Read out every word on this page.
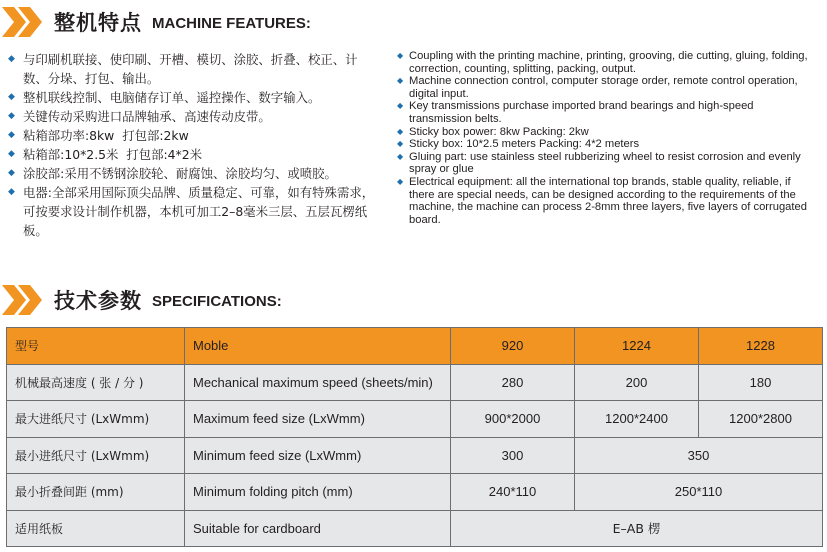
整机特点 MACHINE FEATURES:
◆ 与印刷机联接、使印刷、开槽、模切、涂胶、折叠、校正、计数、分垛、打包、输出。
◆ 整机联线控制、电脑储存订单、遥控操作、数字输入。
◆ 关键传动采购进口品牌轴承、高速传动皮带。
◆ 粘箱部功率:8kw  打包部:2kw
◆ 粘箱部:10*2.5米  打包部:4*2米
◆ 涂胶部:采用不锈钢涂胶轮、耐腐蚀、涂胶均匀、或喷胶。
◆ 电器:全部采用国际顶尖品牌、质量稳定、可靠，如有特殊需求，可按要求设计制作机器，本机可加工2–8毫米三层、五层瓦楞纸板。
◆ Coupling with the printing machine, printing, grooving, die cutting, gluing, folding, correction, counting, splitting, packing, output.
◆ Machine connection control, computer storage order, remote control operation, digital input.
◆ Key transmissions purchase imported brand bearings and high-speed transmission belts.
◆ Sticky box power: 8kw Packing: 2kw
◆ Sticky box: 10*2.5 meters Packing: 4*2 meters
◆ Gluing part: use stainless steel rubberizing wheel to resist corrosion and evenly spray or glue
◆ Electrical equipment: all the international top brands, stable quality, reliable, if there are special needs, can be designed according to the requirements of the machine, the machine can process 2-8mm three layers, five layers of corrugated board.
技术参数 SPECIFICATIONS:
型号	Moble	920	1224	1228
机械最高速度 ( 张 / 分 )	Mechanical maximum speed (sheets/min)	280	200	180
最大进纸尺寸 (LxWmm)	Maximum feed size (LxWmm)	900*2000	1200*2400	1200*2800
最小进纸尺寸 (LxWmm)	Minimum feed size (LxWmm)	300	350	
最小折叠间距 (mm)	Minimum folding pitch (mm)	240*110	250*110	
适用纸板	Suitable for cardboard	E–AB 楞		
